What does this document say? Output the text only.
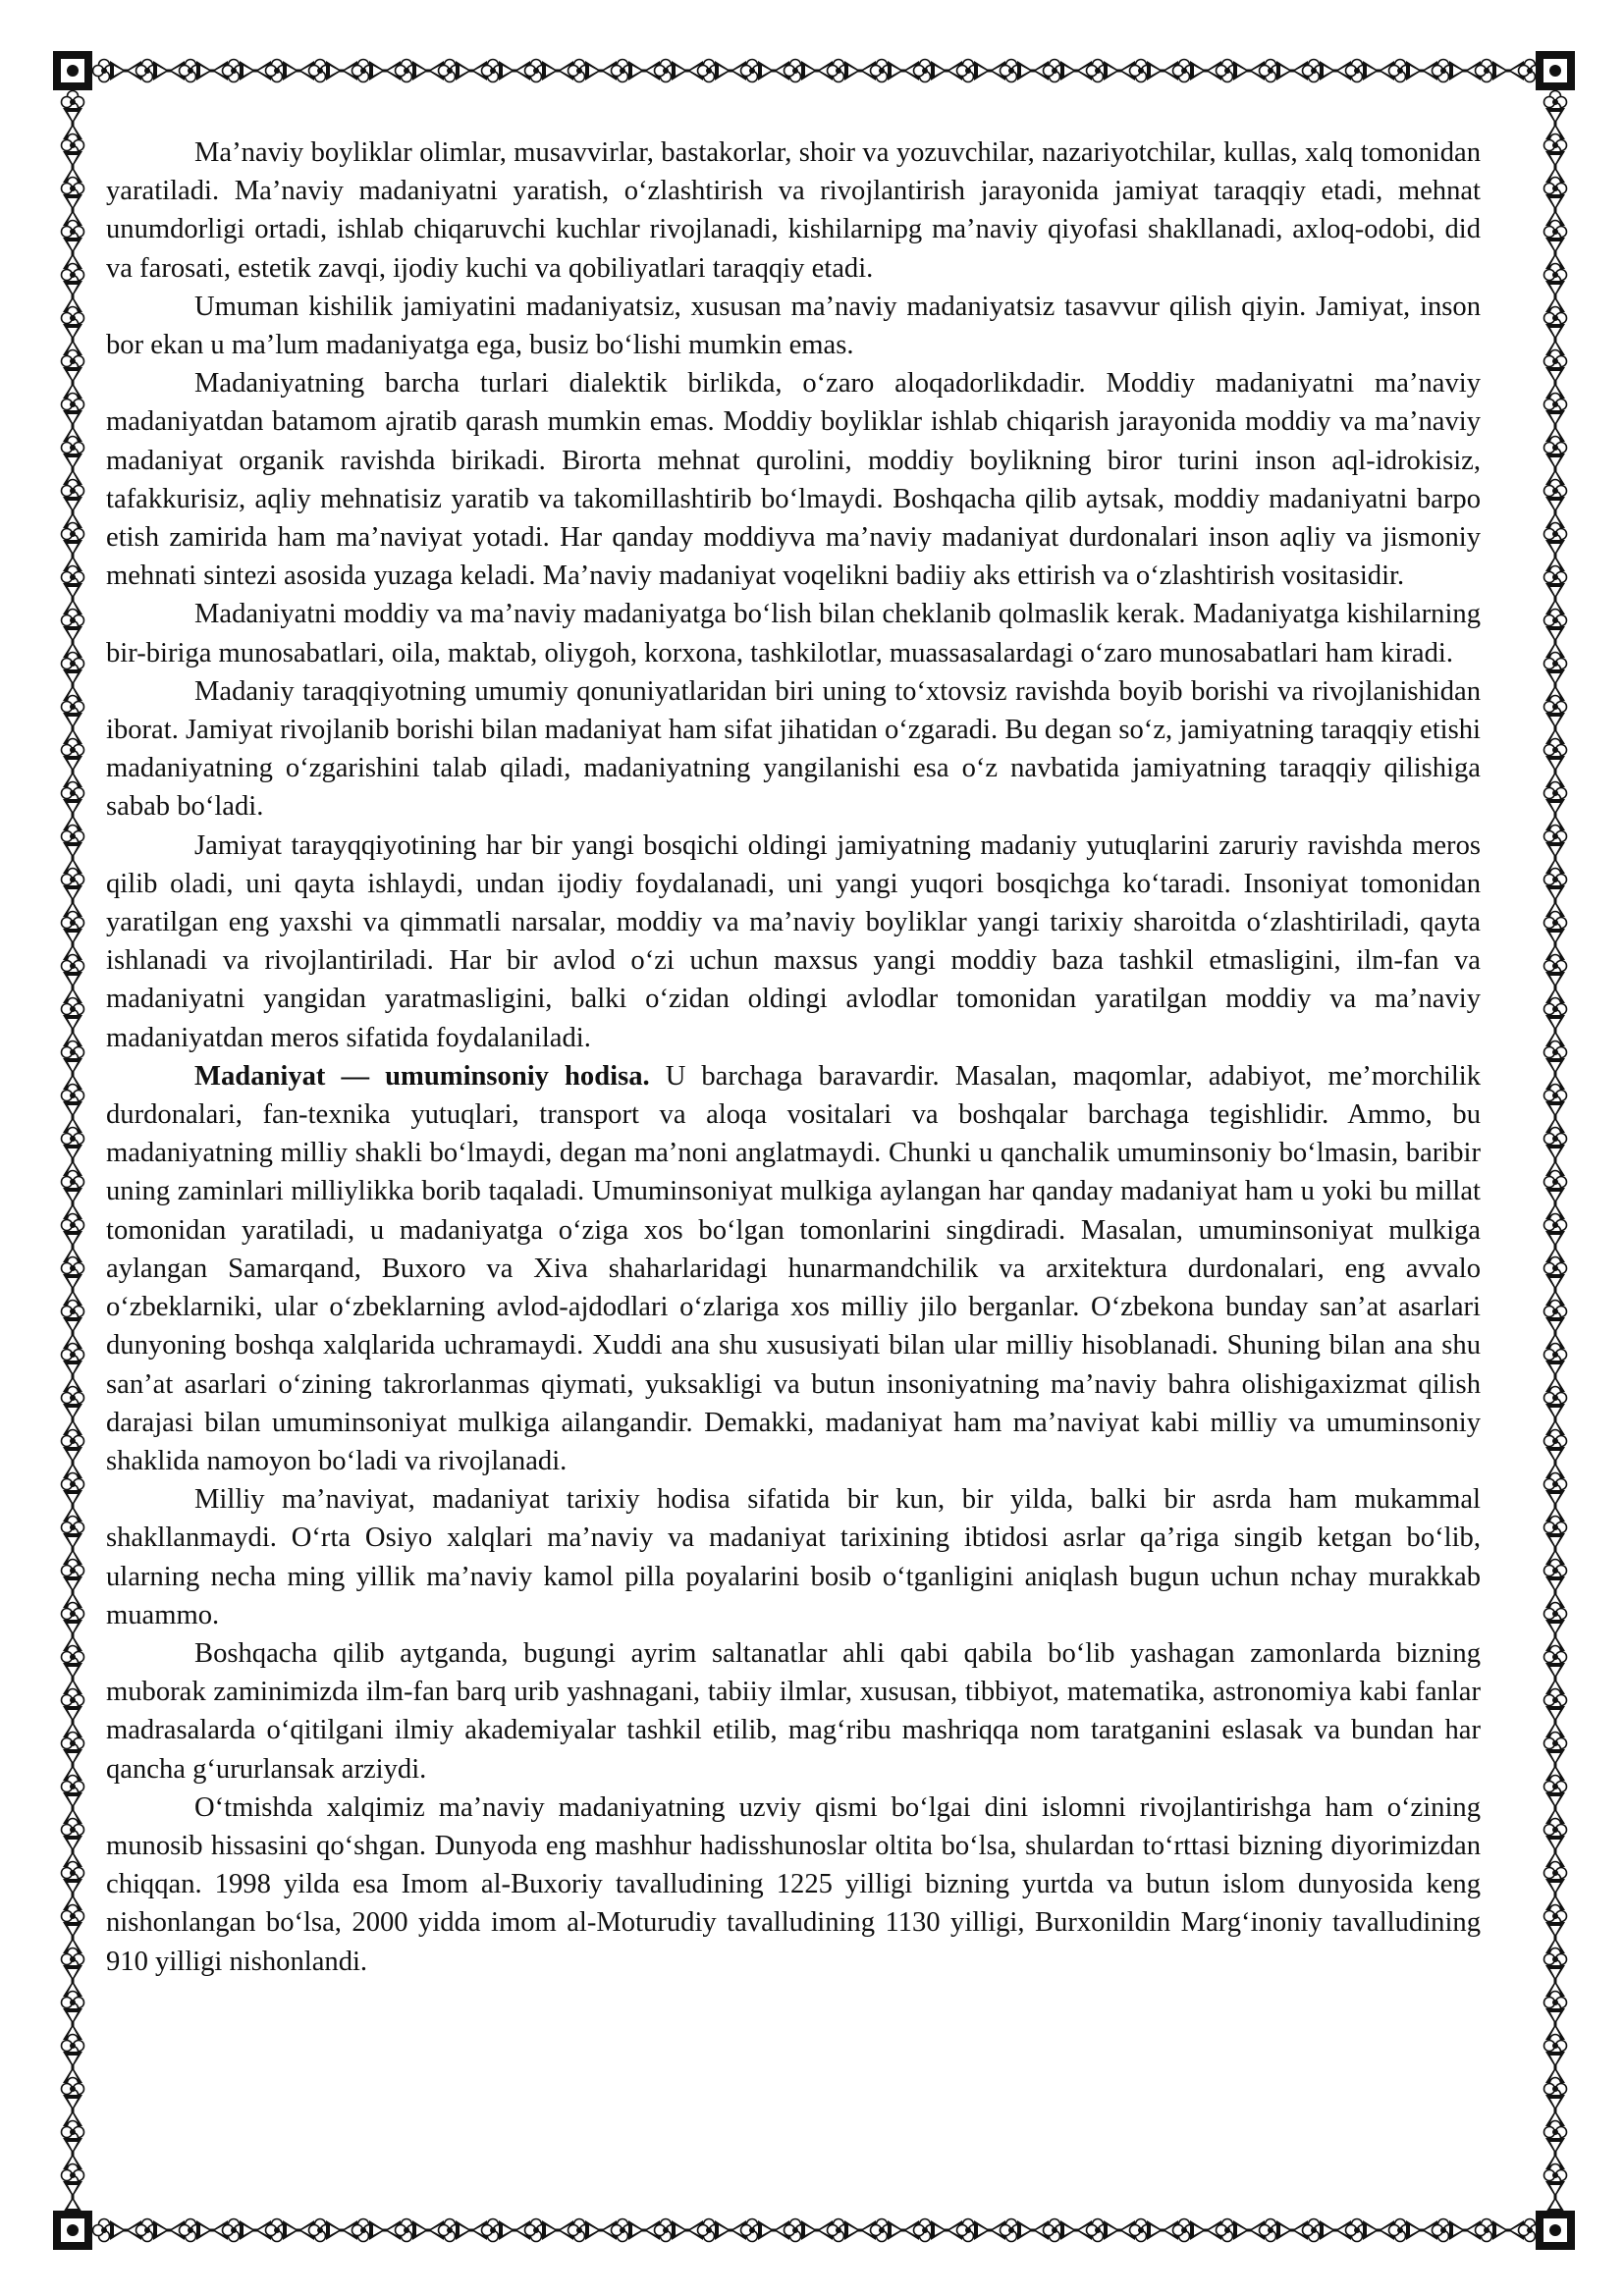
Ma’naviy boyliklar olimlar, musavvirlar, bastakorlar, shoir va yozuvchilar, nazariyotchilar, kullas, xalq tomonidan yaratiladi. Ma’naviy madaniyatni yaratish, o‘zlashtirish va rivojlantirish jarayonida jamiyat taraqqiy etadi, mehnat unumdorligi ortadi, ishlab chiqaruvchi kuchlar rivojlanadi, kishilarnipg ma’naviy qiyofasi shakllanadi, axloq-odobi, did va farosati, estetik zavqi, ijodiy kuchi va qobiliyatlari taraqqiy etadi.

Umuman kishilik jamiyatini madaniyatsiz, xususan ma’naviy madaniyatsiz tasavvur qilish qiyin. Jamiyat, inson bor ekan u ma’lum madaniyatga ega, busiz bo‘lishi mumkin emas.

Madaniyatning barcha turlari dialektik birlikda, o‘zaro aloqadorlikdadir. Moddiy madaniyatni ma’naviy madaniyatdan batamom ajratib qarash mumkin emas. Moddiy boyliklar ishlab chiqarish jarayonida moddiy va ma’naviy madaniyat organik ravishda birikadi. Birorta mehnat qurolini, moddiy boylikning biror turini inson aql-idrokisiz, tafakkurisiz, aqliy mehnatisiz yaratib va takomillashtirib bo‘lmaydi. Boshqacha qilib aytsak, moddiy madaniyatni barpo etish zamirida ham ma’naviyat yotadi. Har qanday moddiyva ma’naviy madaniyat durdonalari inson aqliy va jismoniy mehnati sintezi asosida yuzaga keladi. Ma’naviy madaniyat voqelikni badiiy aks ettirish va o‘zlashtirish vositasidir.

Madaniyatni moddiy va ma’naviy madaniyatga bo‘lish bilan cheklanib qolmaslik kerak. Madaniyatga kishilarning bir-biriga munosabatlari, oila, maktab, oliygoh, korxona, tashkilotlar, muassasalardagi o‘zaro munosabatlari ham kiradi.

Madaniy taraqqiyotning umumiy qonuniyatlaridan biri uning to‘xtovsiz ravishda boyib borishi va rivojlanishidan iborat. Jamiyat rivojlanib borishi bilan madaniyat ham sifat jihatidan o‘zgaradi. Bu degan so‘z, jamiyatning taraqqiy etishi madaniyatning o‘zgarishini talab qiladi, madaniyatning yangilanishi esa o‘z navbatida jamiyatning taraqqiy qilishiga sabab bo‘ladi.

Jamiyat tarayqqiyotining har bir yangi bosqichi oldingi jamiyatning madaniy yutuqlarini zaruriy ravishda meros qilib oladi, uni qayta ishlaydi, undan ijodiy foydalanadi, uni yangi yuqori bosqichga ko‘taradi. Insoniyat tomonidan yaratilgan eng yaxshi va qimmatli narsalar, moddiy va ma’naviy boyliklar yangi tarixiy sharoitda o‘zlashtiriladi, qayta ishlanadi va rivojlantiriladi. Har bir avlod o‘zi uchun maxsus yangi moddiy baza tashkil etmasligini, ilm-fan va madaniyatni yangidan yaratmasligini, balki o‘zidan oldingi avlodlar tomonidan yaratilgan moddiy va ma’naviy madaniyatdan meros sifatida foydalaniladi.

Madaniyat — umuminsoniy hodisa. U barchaga baravardir. Masalan, maqomlar, adabiyot, me’morchilik durdonalari, fan-texnika yutuqlari, transport va aloqa vositalari va boshqalar barchaga tegishlidir. Ammo, bu madaniyatning milliy shakli bo‘lmaydi, degan ma’noni anglatmaydi. Chunki u qanchalik umuminsoniy bo‘lmasin, baribir uning zaminlari milliylikka borib taqaladi. Umuminsoniyat mulkiga aylangan har qanday madaniyat ham u yoki bu millat tomonidan yaratiladi, u madaniyatga o‘ziga xos bo‘lgan tomonlarini singdiradi. Masalan, umuminsoniyat mulkiga aylangan Samarqand, Buxoro va Xiva shaharlaridagi hunarmandchilik va arxitektura durdonalari, eng avvalo o‘zbeklarniki, ular o‘zbeklarning avlod-ajdodlari o‘zlariga xos milliy jilo berganlar. O‘zbekona bunday san’at asarlari dunyoning boshqa xalqlarida uchramaydi. Xuddi ana shu xususiyati bilan ular milliy hisoblanadi. Shuning bilan ana shu san’at asarlari o‘zining takrorlanmas qiymati, yuksakligi va butun insoniyatning ma’naviy bahra olishigaxizmat qilish darajasi bilan umuminsoniyat mulkiga ailangandir. Demakki, madaniyat ham ma’naviyat kabi milliy va umuminsoniy shaklida namoyon bo‘ladi va rivojlanadi.

Milliy ma’naviyat, madaniyat tarixiy hodisa sifatida bir kun, bir yilda, balki bir asrda ham mukammal shakllanmaydi. O‘rta Osiyo xalqlari ma’naviy va madaniyat tarixining ibtidosi asrlar qa’riga singib ketgan bo‘lib, ularning necha ming yillik ma’naviy kamol pilla poyalarini bosib o‘tganligini aniqlash bugun uchun nchay murakkab muammo.

Boshqacha qilib aytganda, bugungi ayrim saltanatlar ahli qabi qabila bo‘lib yashagan zamonlarda bizning muborak zaminimizda ilm-fan barq urib yashnagani, tabiiy ilmlar, xususan, tibbiyot, matematika, astronomiya kabi fanlar madrasalarda o‘qitilgani ilmiy akademiyalar tashkil etilib, mag‘ribu mashriqqa nom taratganini eslasak va bundan har qancha g‘ururlansak arziydi.

O‘tmishda xalqimiz ma’naviy madaniyatning uzviy qismi bo‘lgai dini islomni rivojlantirishga ham o‘zining munosib hissasini qo‘shgan. Dunyoda eng mashhur hadisshunoslar oltita bo‘lsa, shulardan to‘rttasi bizning diyorimizdan chiqqan. 1998 yilda esa Imom al-Buxoriy tavalludining 1225 yilligi bizning yurtda va butun islom dunyosida keng nishonlangan bo‘lsa, 2000 yidda imom al-Moturudiy tavalludining 1130 yilligi, Burxonildin Marg‘inoniy tavalludining 910 yilligi nishonlandi.
